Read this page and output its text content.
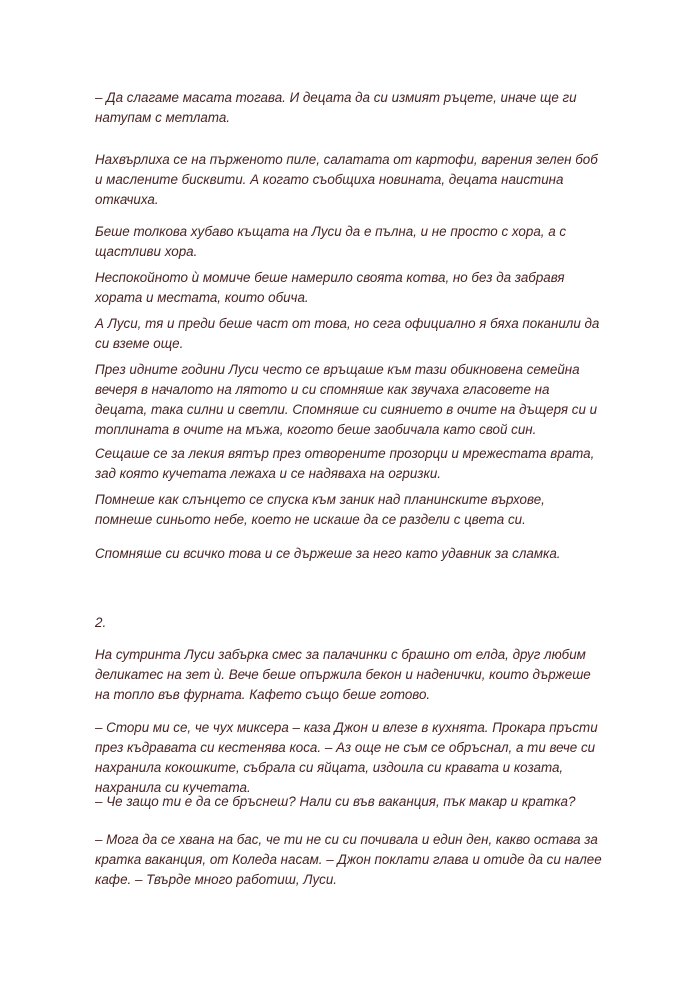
– Да слагаме масата тогава. И децата да си измият ръцете, иначе ще ги
натупам с метлата.

Нахвърлиха се на пърженото пиле, салатата от картофи, варения зелен боб
и маслените бисквити. А когато съобщиха новината, децата наистина
откачиха.

Беше толкова хубаво къщата на Луси да е пълна, и не просто с хора, а с
щастливи хора.

Неспокойното ѝ момиче беше намерило своята котва, но без да забравя
хората и местата, които обича.

А Луси, тя и преди беше част от това, но сега официално я бяха поканили да
си вземе още.

През идните години Луси често се връщаше към тази обикновена семейна
вечеря в началото на лятото и си спомняше как звучаха гласовете на
децата, така силни и светли. Спомняше си сиянието в очите на дъщеря си и
топлината в очите на мъжа, когото беше заобичала като свой син.

Сещаше се за лекия вятър през отворените прозорци и мрежестата врата,
зад която кучетата лежаха и се надяваха на огризки.

Помнеше как слънцето се спуска към заник над планинските върхове,
помнеше синьото небе, което не искаше да се раздели с цвета си.

Спомняше си всичко това и се държеше за него като удавник за сламка.

2.

На сутринта Луси забърка смес за палачинки с брашно от елда, друг любим
деликатес на зет ѝ. Вече беше опържила бекон и наденички, които държеше
на топло във фурната. Кафето също беше готово.

– Стори ми се, че чух миксера – каза Джон и влезе в кухнята. Прокара пръсти
през къдравата си кестенява коса. – Аз още не съм се обръснал, а ти вече си
нахранила кокошките, събрала си яйцата, издоила си кравата и козата,
нахранила си кучетата.

– Че защо ти е да се бръснеш? Нали си във ваканция, пък макар и кратка?

– Мога да се хвана на бас, че ти не си си почивала и един ден, какво остава за
кратка ваканция, от Коледа насам. – Джон поклати глава и отиде да си налее
кафе. – Твърде много работиш, Луси.
